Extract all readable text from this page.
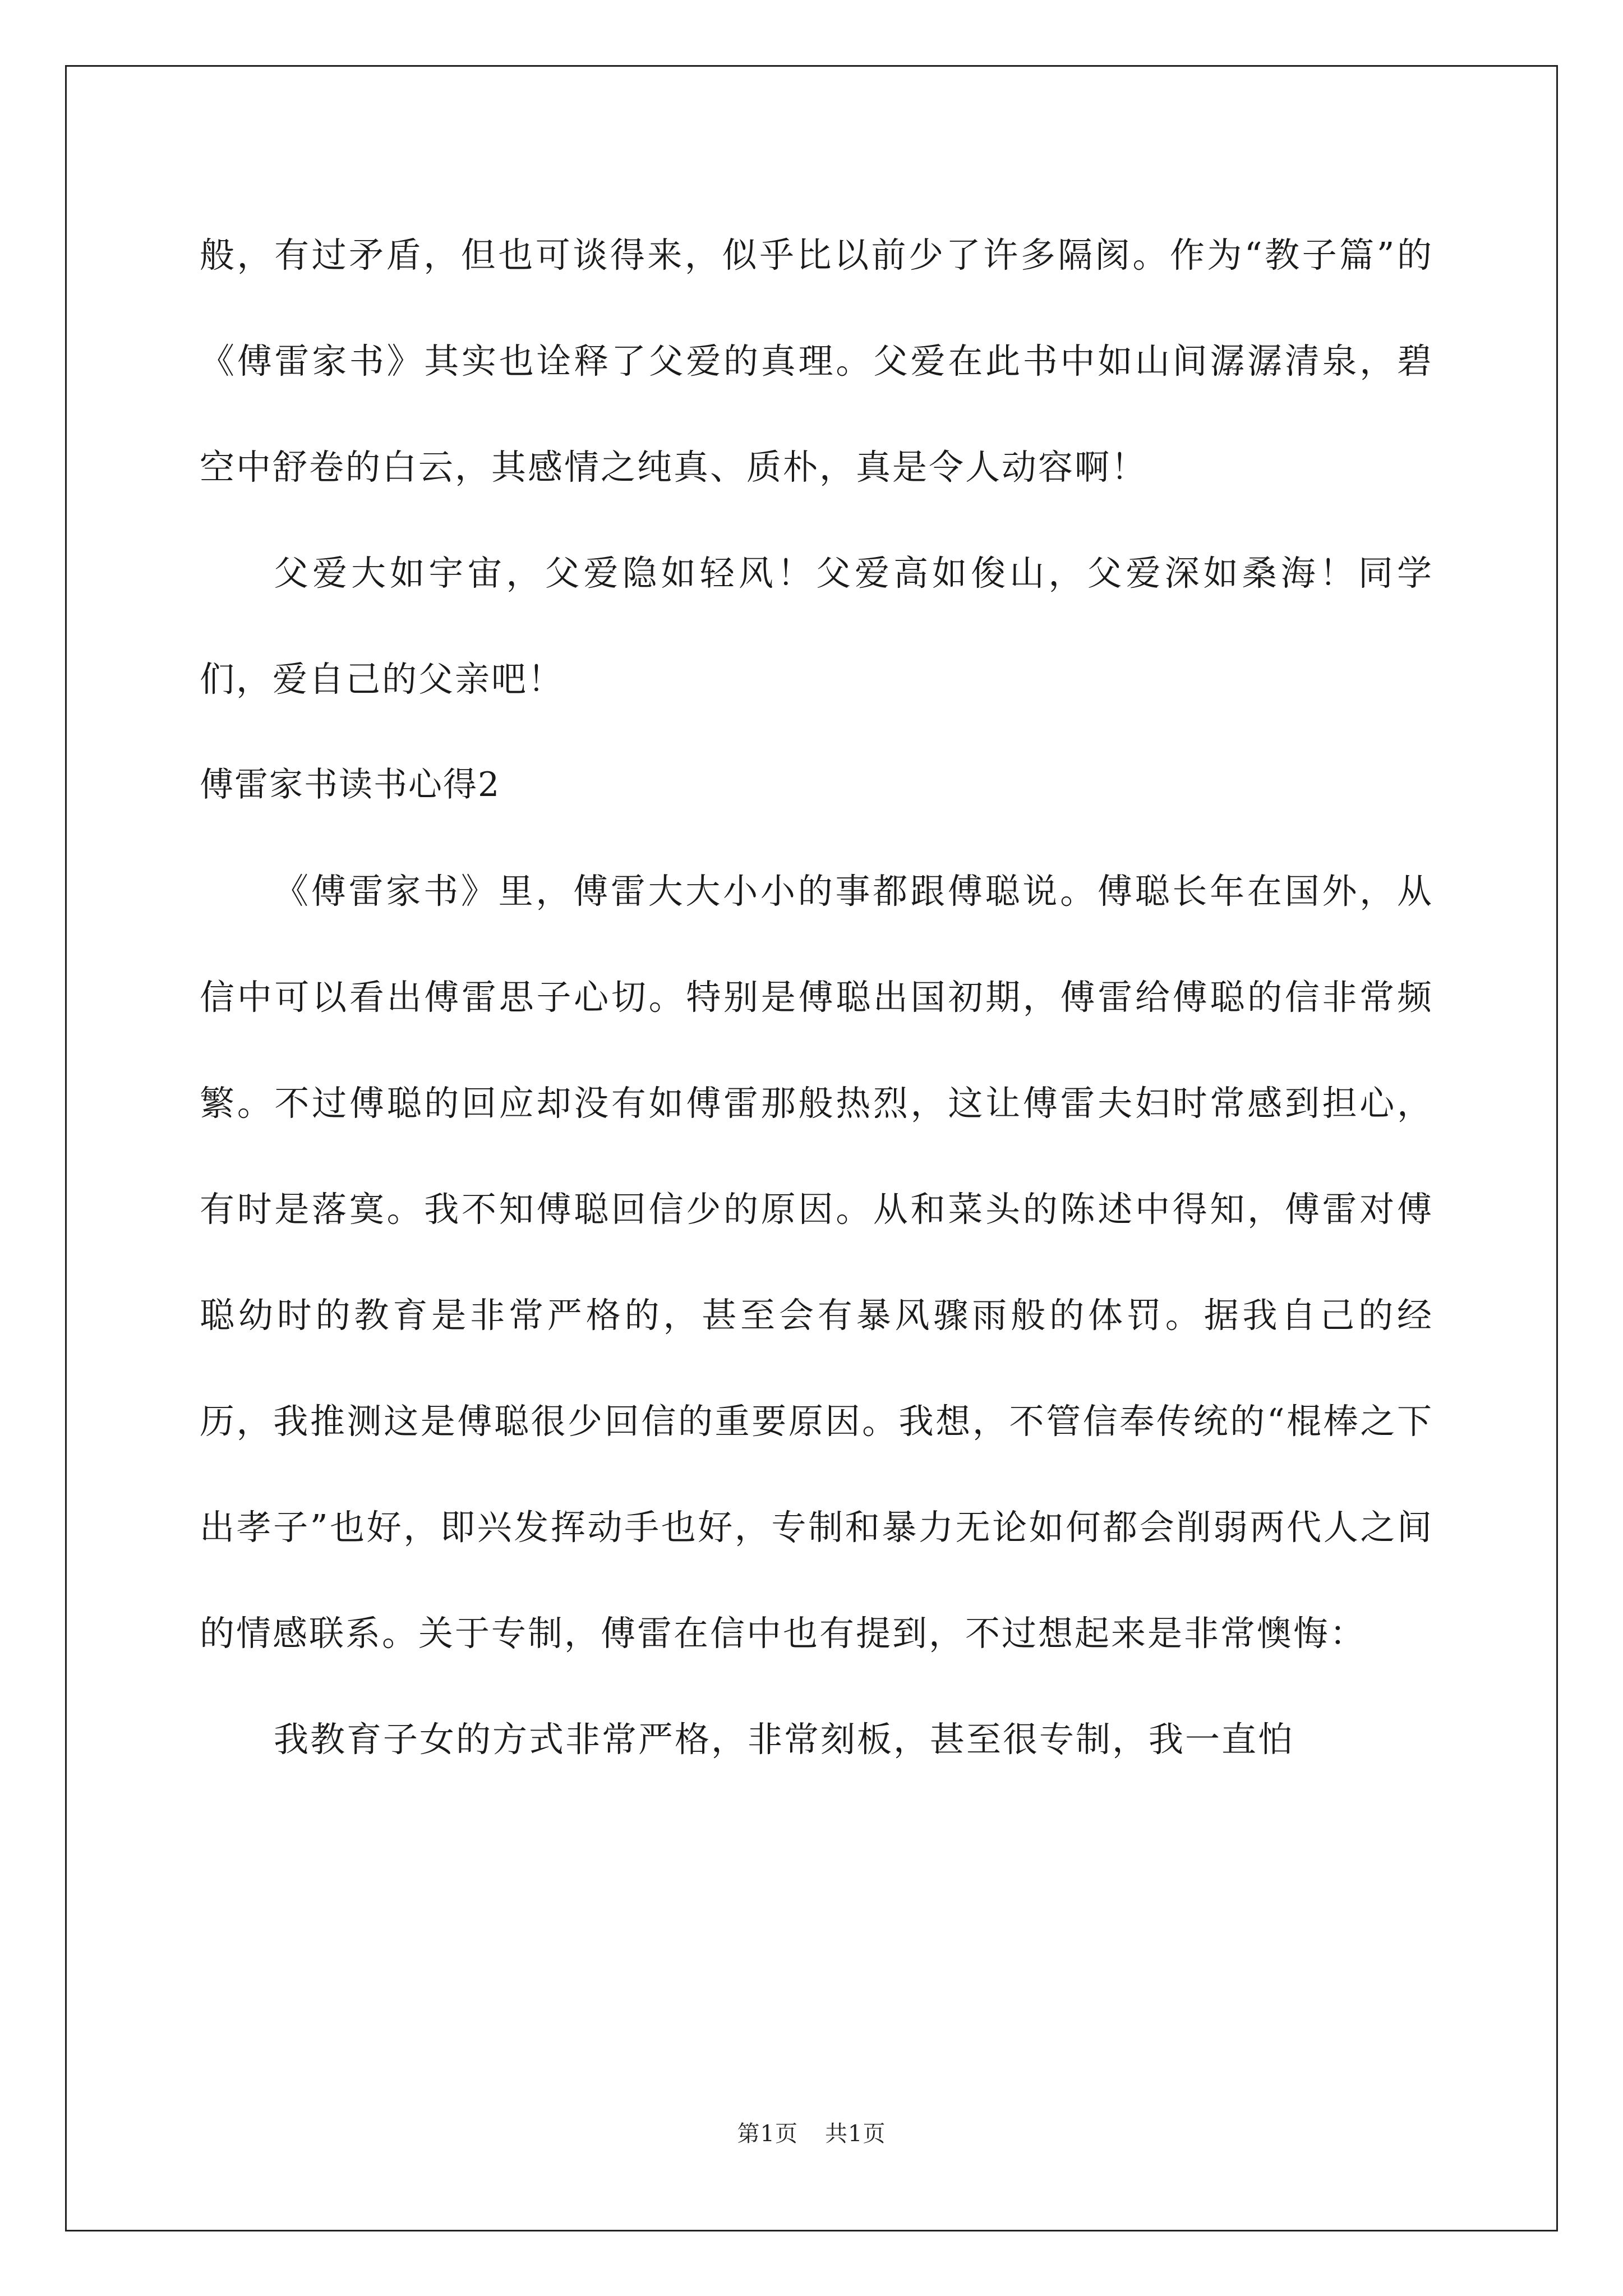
般，有过矛盾，但也可谈得来，似乎比以前少了许多隔阂。作为“教子篇”的《傅雷家书》其实也诠释了父爱的真理。父爱在此书中如山间潺潺清泉，碧空中舒卷的白云，其感情之纯真、质朴，真是令人动容啊！

父爱大如宇宙，父爱隐如轻风！父爱高如俊山，父爱深如桑海！同学们，爱自己的父亲吧！

傅雷家书读书心得2

《傅雷家书》里，傅雷大大小小的事都跟傅聪说。傅聪长年在国外，从信中可以看出傅雷思子心切。特别是傅聪出国初期，傅雷给傅聪的信非常频繁。不过傅聪的回应却没有如傅雷那般热烈，这让傅雷夫妇时常感到担心，有时是落寞。我不知傅聪回信少的原因。从和菜头的陈述中得知，傅雷对傅聪幼时的教育是非常严格的，甚至会有暴风骤雨般的体罚。据我自己的经历，我推测这是傅聪很少回信的重要原因。我想，不管信奉传统的“棍棒之下出孝子”也好，即兴发挥动手也好，专制和暴力无论如何都会削弱两代人之间的情感联系。关于专制，傅雷在信中也有提到，不过想起来是非常懊悔：

我教育子女的方式非常严格，非常刻板，甚至很专制，我一直怕

第1页 共1页
